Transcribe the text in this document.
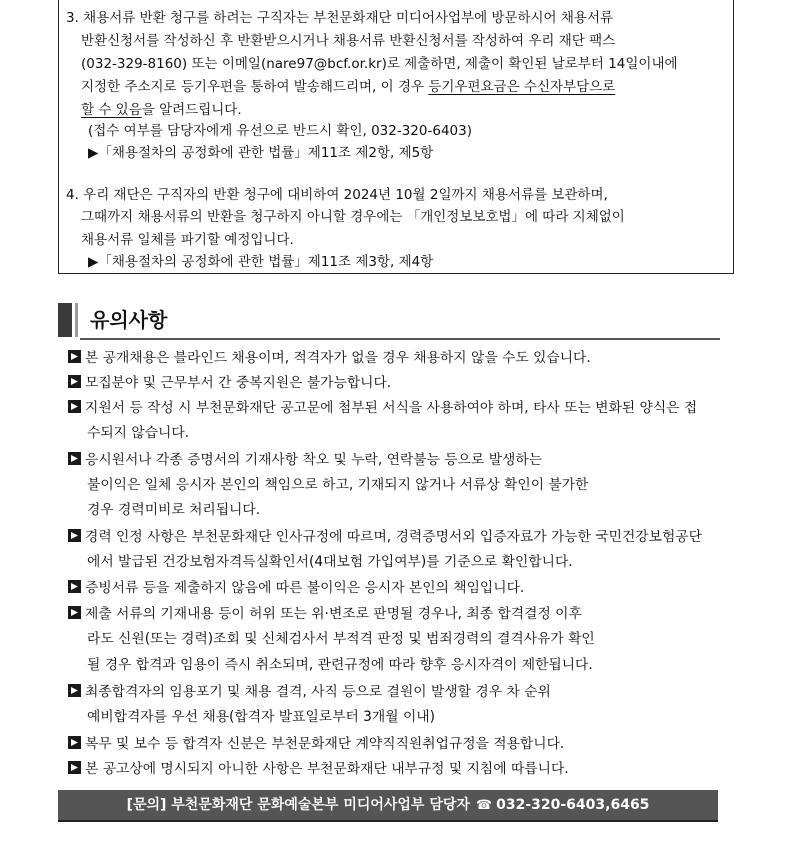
3. 채용서류 반환 청구를 하려는 구직자는 부천문화재단 미디어사업부에 방문하시어 채용서류
반환신청서를 작성하신 후 반환받으시거나 채용서류 반환신청서를 작성하여 우리 재단 팩스
(032-329-8160) 또는 이메일(nare97@bcf.or.kr)로 제출하면, 제출이 확인된 날로부터 14일이내에
지정한 주소지로 등기우편을 통하여 발송해드리며, 이 경우 등기우편요금은 수신자부담으로
할 수 있음을 알려드립니다.
(접수 여부를 담당자에게 유선으로 반드시 확인, 032-320-6403)
▶「채용절차의 공정화에 관한 법률」제11조 제2항, 제5항
4. 우리 재단은 구직자의 반환 청구에 대비하여 2024년 10월 2일까지 채용서류를 보관하며,
그때까지 채용서류의 반환을 청구하지 아니할 경우에는 「개인정보보호법」에 따라 지체없이
채용서류 일체를 파기할 예정입니다.
▶「채용절차의 공정화에 관한 법률」제11조 제3항, 제4항
유의사항
본 공개채용은 블라인드 채용이며, 적격자가 없을 경우 채용하지 않을 수도 있습니다.
모집분야 및 근무부서 간 중복지원은 불가능합니다.
지원서 등 작성 시 부천문화재단 공고문에 첨부된 서식을 사용하여야 하며, 타사 또는 변화된 양식은 접
수되지 않습니다.
응시원서나 각종 증명서의 기재사항 착오 및 누락, 연락불능 등으로 발생하는
불이익은 일체 응시자 본인의 책임으로 하고, 기재되지 않거나 서류상 확인이 불가한
경우 경력미비로 처리됩니다.
경력 인정 사항은 부천문화재단 인사규정에 따르며, 경력증명서외 입증자료가 가능한 국민건강보험공단
에서 발급된 건강보험자격득실확인서(4대보험 가입여부)를 기준으로 확인합니다.
증빙서류 등을 제출하지 않음에 따른 불이익은 응시자 본인의 책임입니다.
제출 서류의 기재내용 등이 허위 또는 위·변조로 판명될 경우나, 최종 합격결정 이후
라도 신원(또는 경력)조회 및 신체검사서 부적격 판정 및 범죄경력의 결격사유가 확인
될 경우 합격과 임용이 즉시 취소되며, 관련규정에 따라 향후 응시자격이 제한됩니다.
최종합격자의 임용포기 및 채용 결격, 사직 등으로 결원이 발생할 경우 차 순위
예비합격자를 우선 채용(합격자 발표일로부터 3개월 이내)
복무 및 보수 등 합격자 신분은 부천문화재단 계약직직원취업규정을 적용합니다.
본 공고상에 명시되지 아니한 사항은 부천문화재단 내부규정 및 지침에 따릅니다.
[문의] 부천문화재단 문화예술본부 미디어사업부 담당자 ☎ 032-320-6403,6465
